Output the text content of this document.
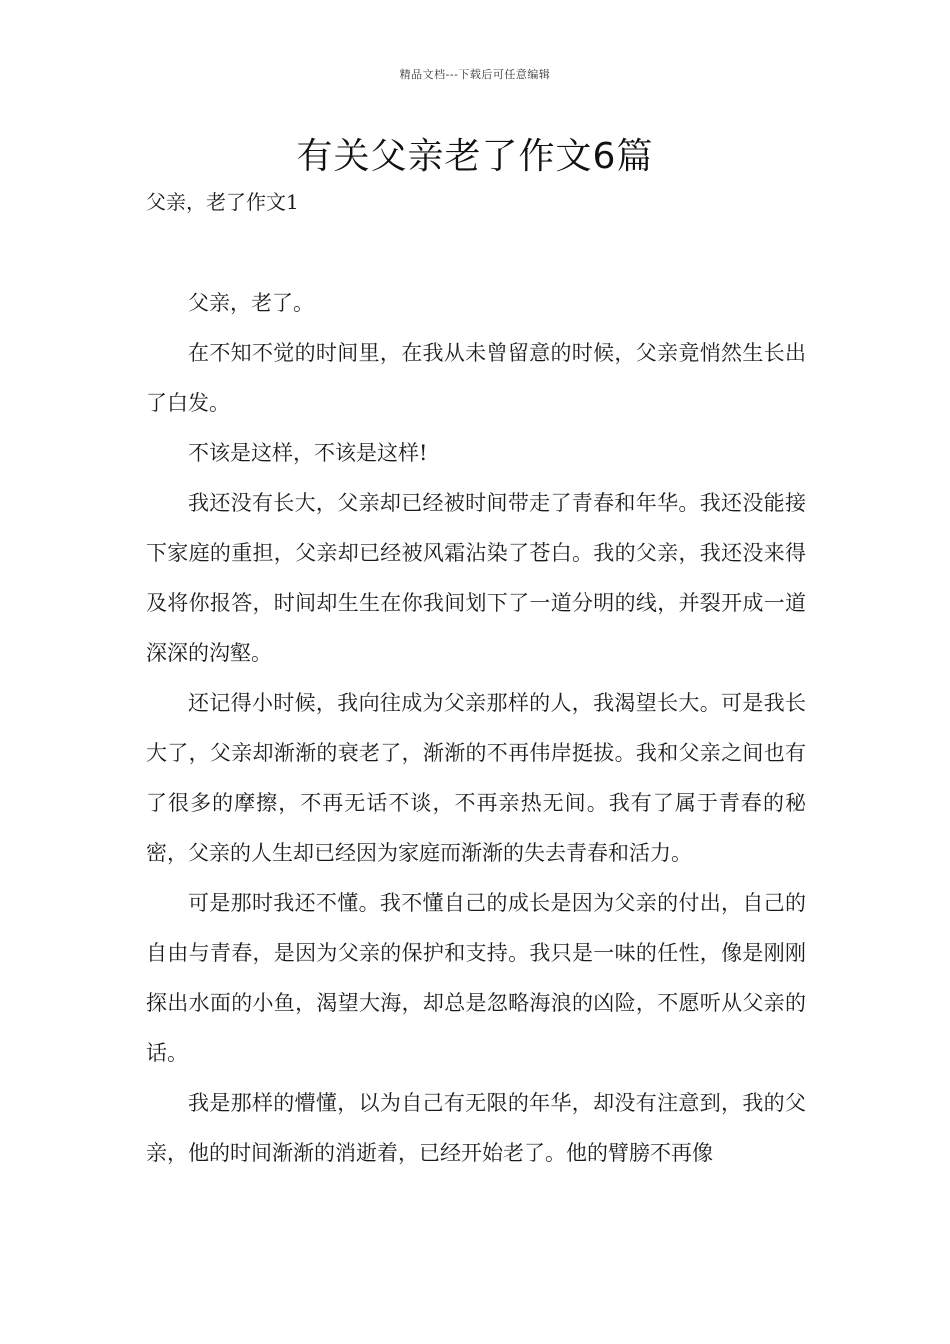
精品文档---下载后可任意编辑
有关父亲老了作文6篇
父亲，老了作文1

父亲，老了。

在不知不觉的时间里，在我从未曾留意的时候，父亲竟悄然生长出了白发。

不该是这样，不该是这样!

我还没有长大，父亲却已经被时间带走了青春和年华。我还没能接下家庭的重担，父亲却已经被风霜沾染了苍白。我的父亲，我还没来得及将你报答，时间却生生在你我间划下了一道分明的线，并裂开成一道深深的沟壑。

还记得小时候，我向往成为父亲那样的人，我渴望长大。可是我长大了，父亲却渐渐的衰老了，渐渐的不再伟岸挺拔。我和父亲之间也有了很多的摩擦，不再无话不谈，不再亲热无间。我有了属于青春的秘密，父亲的人生却已经因为家庭而渐渐的失去青春和活力。

可是那时我还不懂。我不懂自己的成长是因为父亲的付出，自己的自由与青春，是因为父亲的保护和支持。我只是一味的任性，像是刚刚探出水面的小鱼，渴望大海，却总是忽略海浪的凶险，不愿听从父亲的话。

我是那样的懵懂，以为自己有无限的年华，却没有注意到，我的父亲，他的时间渐渐的消逝着，已经开始老了。他的臂膀不再像
